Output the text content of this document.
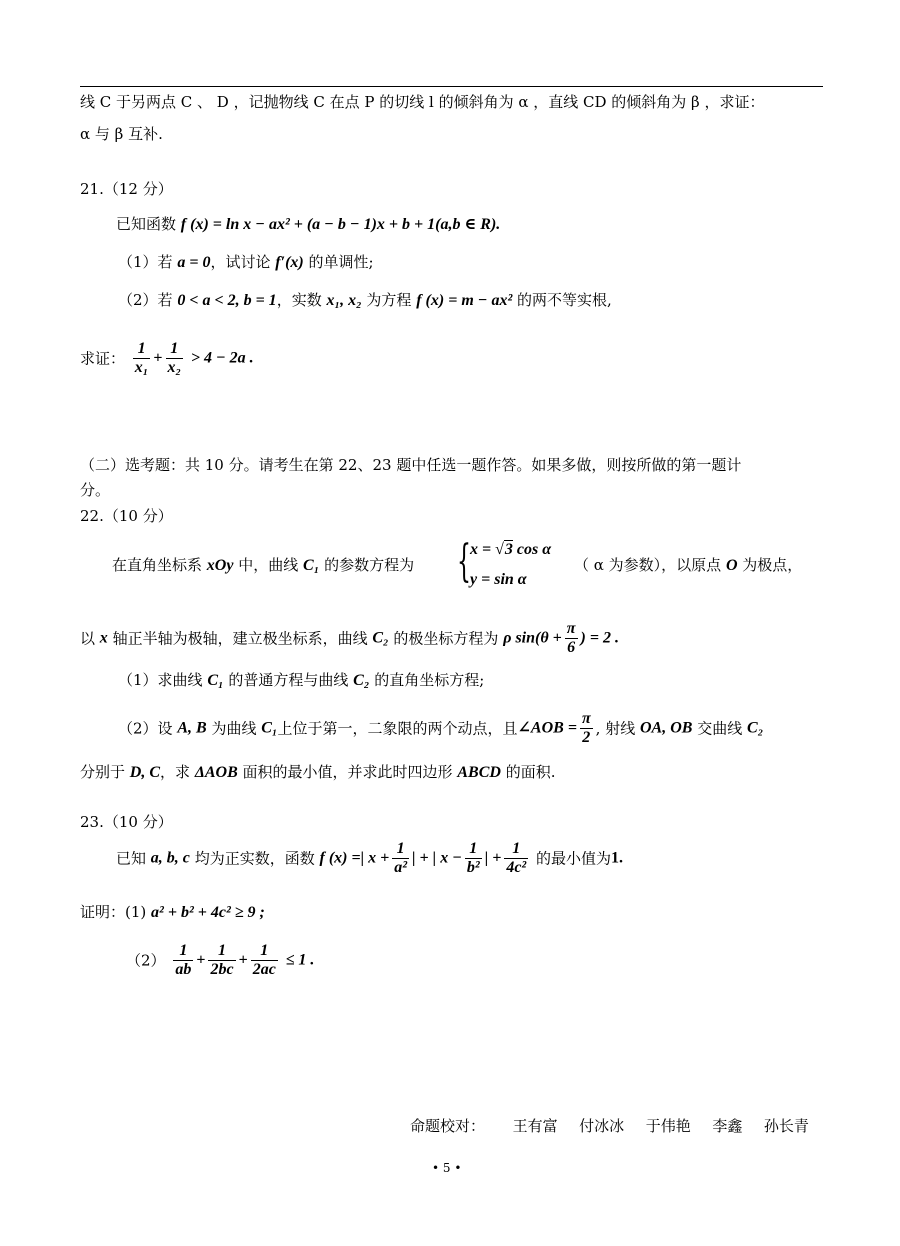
线 C 于另两点 C 、 D ，记抛物线 C 在点 P 的切线 l 的倾斜角为 α ，直线 CD 的倾斜角为 β ，求证：
α 与 β 互补.
21.（12 分）
已知函数 f (x) = ln x − ax² + (a − b − 1)x + b + 1(a,b ∈ R).
（1）若 a = 0，试讨论 f′(x) 的单调性;
（2）若 0 < a < 2, b = 1，实数 x₁, x₂ 为方程 f (x) = m − ax² 的两不等实根,
求证： $\frac{1}{\text{x₁}} + \frac{1}{\text{x₂}} > 4 - 2a$ .
（二）选考题：共 10 分。请考生在第 22、23 题中任选一题作答。如果多做，则按所做的第一题计
分。
22.（10 分）
在直角坐标系 xOy 中，曲线 C₁ 的参数方程为 { x = √3 cos α
y = sin α
（ α 为参数），以原点 O 为极点，
以 x 轴正半轴为极轴，建立极坐标系，曲线 C₂ 的极坐标方程为 ρ $\sin(\theta + \frac{\pi}{6}$ ) = 2 .
（1）求曲线 C₁ 的普通方程与曲线 C₂ 的直角坐标方程;
（2）设 A, B 为曲线 C₁上位于第一，二象限的两个动点，且∠AOB = $\frac{\pi}{2}$ , 射线 OA, OB 交曲线 C₂
分别于 D, C，求 ΔAOB 面积的最小值，并求此时四边形 ABCD 的面积.
23.（10 分）
已知 a, b, c 均为正实数，函数 f (x) =| $x + \frac{1}{\text{a²}}$ | + | $x - \frac{1}{\text{b²}}$ | + $\frac{1}{\text{4c²}}$ 的最小值为1.
证明：(1) a² + b² + 4c² ≥ 9 ;
$(2) \frac{1}{ab} + \frac{1}{2bc} + \frac{1}{2ac} \le 1$ .
命题校对： 王有富 付冰冰 于伟艳 李鑫 孙长青
• 5 •
